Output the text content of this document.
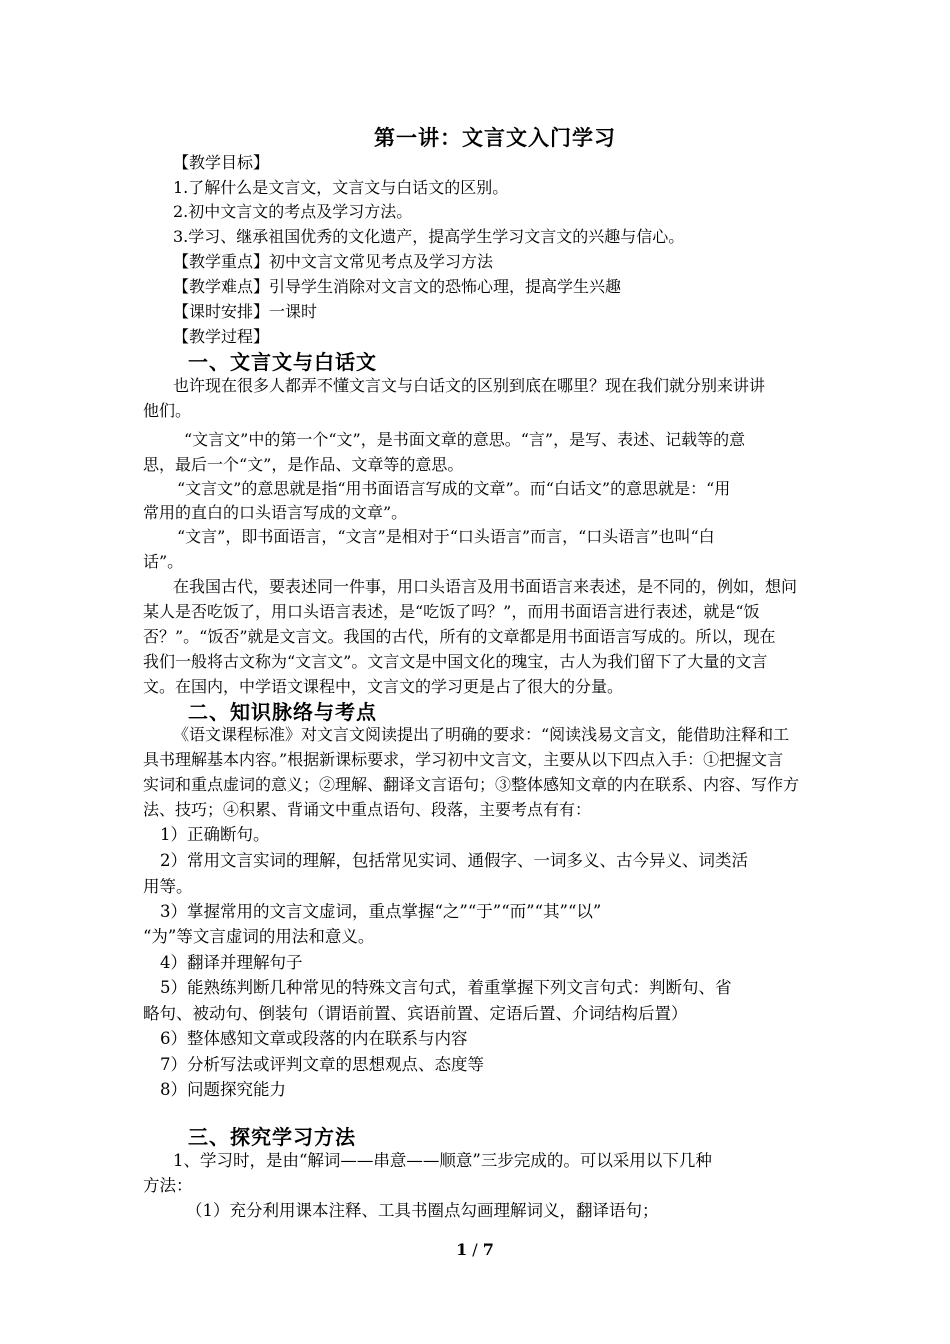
第一讲：文言文入门学习
【教学目标】
1.了解什么是文言文，文言文与白话文的区别。
2.初中文言文的考点及学习方法。
3.学习、继承祖国优秀的文化遗产，提高学生学习文言文的兴趣与信心。
【教学重点】初中文言文常见考点及学习方法
【教学难点】引导学生消除对文言文的恐怖心理，提高学生兴趣
【课时安排】一课时
【教学过程】
一、文言文与白话文
也许现在很多人都弄不懂文言文与白话文的区别到底在哪里？现在我们就分别来讲讲
他们。
“文言文”中的第一个“文”，是书面文章的意思。“言”，是写、表述、记载等的意
思，最后一个“文”，是作品、文章等的意思。
“文言文”的意思就是指“用书面语言写成的文章”。而“白话文”的意思就是：“用
常用的直白的口头语言写成的文章”。
“文言”，即书面语言，“文言”是相对于“口头语言”而言，“口头语言”也叫“白
话”。
在我国古代，要表述同一件事，用口头语言及用书面语言来表述，是不同的，例如，想问
某人是否吃饭了，用口头语言表述，是“吃饭了吗？”，而用书面语言进行表述，就是“饭
否？”。“饭否”就是文言文。我国的古代，所有的文章都是用书面语言写成的。所以，现在
我们一般将古文称为“文言文”。文言文是中国文化的瑰宝，古人为我们留下了大量的文言
文。在国内，中学语文课程中，文言文的学习更是占了很大的分量。
二、知识脉络与考点
《语文课程标准》对文言文阅读提出了明确的要求：“阅读浅易文言文，能借助注释和工
具书理解基本内容。”根据新课标要求，学习初中文言文，主要从以下四点入手：①把握文言
实词和重点虚词的意义；②理解、翻译文言语句；③整体感知文章的内在联系、内容、写作方
法、技巧；④积累、背诵文中重点语句、段落，主要考点有有：
1）正确断句。
2）常用文言实词的理解，包括常见实词、通假字、一词多义、古今异义、词类活
用等。
3）掌握常用的文言文虚词，重点掌握“之”“于”“而”“其”“以”
“为”等文言虚词的用法和意义。
4）翻译并理解句子
5）能熟练判断几种常见的特殊文言句式，着重掌握下列文言句式：判断句、省
略句、被动句、倒装句（谓语前置、宾语前置、定语后置、介词结构后置）
6）整体感知文章或段落的内在联系与内容
7）分析写法或评判文章的思想观点、态度等
8）问题探究能力
三、探究学习方法
1、学习时，是由“解词——串意——顺意”三步完成的。可以采用以下几种
方法：
（1）充分利用课本注释、工具书圈点勾画理解词义，翻译语句；
1 / 7
